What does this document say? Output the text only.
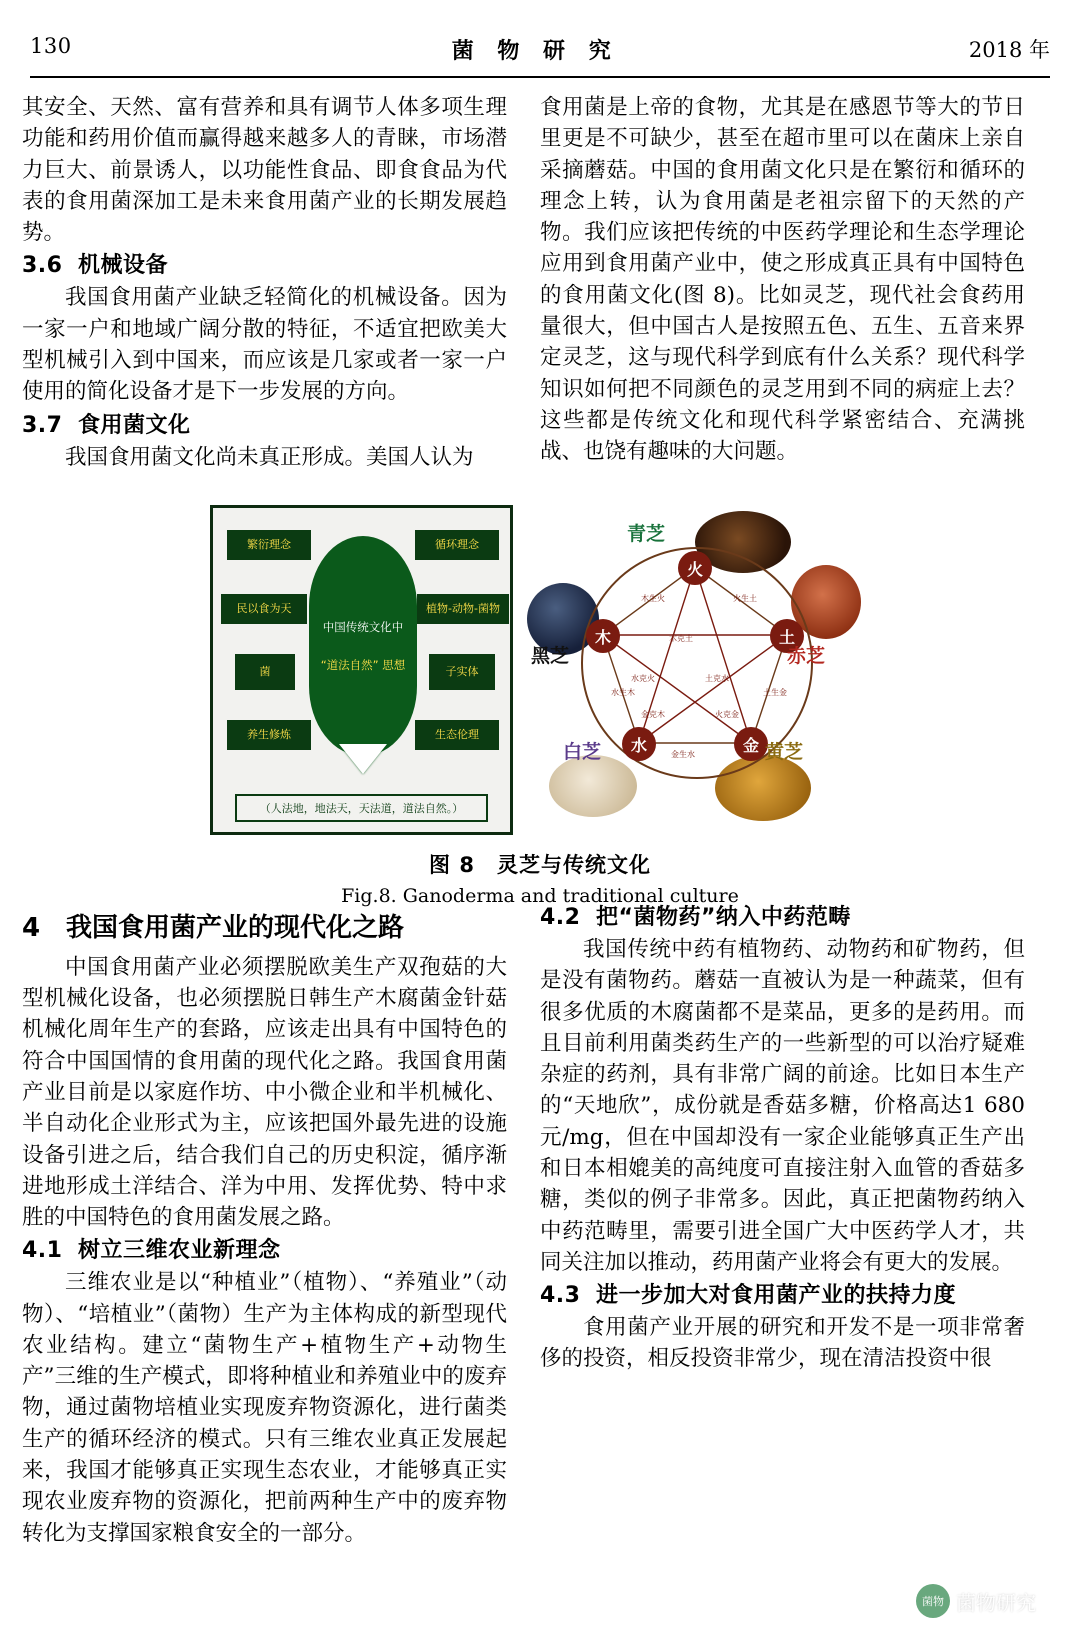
130	菌 物 研 究	2018 年

其安全、天然、富有营养和具有调节人体多项生理功能和药用价值而赢得越来越多人的青睐，市场潜力巨大、前景诱人，以功能性食品、即食食品为代表的食用菌深加工是未来食用菌产业的长期发展趋势。

3.6 机械设备

我国食用菌产业缺乏轻简化的机械设备。因为一家一户和地域广阔分散的特征，不适宜把欧美大型机械引入到中国来，而应该是几家或者一家一户使用的简化设备才是下一步发展的方向。

3.7 食用菌文化

我国食用菌文化尚未真正形成。美国人认为

食用菌是上帝的食物，尤其是在感恩节等大的节日里更是不可缺少，甚至在超市里可以在菌床上亲自采摘蘑菇。中国的食用菌文化只是在繁衍和循环的理念上转，认为食用菌是老祖宗留下的天然的产物。我们应该把传统的中医药学理论和生态学理论应用到食用菌产业中，使之形成真正具有中国特色的食用菌文化(图 8)。比如灵芝，现代社会食药用量很大，但中国古人是按照五色、五生、五音来界定灵芝，这与现代科学到底有什么关系？现代科学知识如何把不同颜色的灵芝用到不同的病症上去？这些都是传统文化和现代科学紧密结合、充满挑战、也饶有趣味的大问题。

繁衍理念	循环理念
民以食为天	植物-动物-菌物
菌	子实体
养生修炼	生态伦理
中国传统文化中
“道法自然” 思想
（人法地，地法天，天法道，道法自然。）
木生火	火生土
土生金
水生木
金生水
木克土
土克水
水克火
火克金
金克木
火
土
金
水
木
青芝
赤芝
黄芝
白芝
黑芝
图 8　灵芝与传统文化
Fig.8. Ganoderma and traditional culture
4 我国食用菌产业的现代化之路

中国食用菌产业必须摆脱欧美生产双孢菇的大型机械化设备，也必须摆脱日韩生产木腐菌金针菇机械化周年生产的套路，应该走出具有中国特色的符合中国国情的食用菌的现代化之路。我国食用菌产业目前是以家庭作坊、中小微企业和半机械化、半自动化企业形式为主，应该把国外最先进的设施设备引进之后，结合我们自己的历史积淀，循序渐进地形成土洋结合、洋为中用、发挥优势、特中求胜的中国特色的食用菌发展之路。

4.1 树立三维农业新理念

三维农业是以“种植业”（植物）、“养殖业”（动物）、“培植业”（菌物）生产为主体构成的新型现代农业结构。建立“菌物生产+植物生产+动物生产”三维的生产模式，即将种植业和养殖业中的废弃物，通过菌物培植业实现废弃物资源化，进行菌类生产的循环经济的模式。只有三维农业真正发展起来，我国才能够真正实现生态农业，才能够真正实现农业废弃物的资源化，把前两种生产中的废弃物转化为支撑国家粮食安全的一部分。

4.2 把“菌物药”纳入中药范畴

我国传统中药有植物药、动物药和矿物药，但是没有菌物药。蘑菇一直被认为是一种蔬菜，但有很多优质的木腐菌都不是菜品，更多的是药用。而且目前利用菌类药生产的一些新型的可以治疗疑难杂症的药剂，具有非常广阔的前途。比如日本生产的“天地欣”，成份就是香菇多糖，价格高达1 680 元/mg，但在中国却没有一家企业能够真正生产出和日本相媲美的高纯度可直接注射入血管的香菇多糖，类似的例子非常多。因此，真正把菌物药纳入中药范畴里，需要引进全国广大中医药学人才，共同关注加以推动，药用菌产业将会有更大的发展。

4.3 进一步加大对食用菌产业的扶持力度

食用菌产业开展的研究和开发不是一项非常奢侈的投资，相反投资非常少，现在清洁投资中很

菌物 菌物研究
